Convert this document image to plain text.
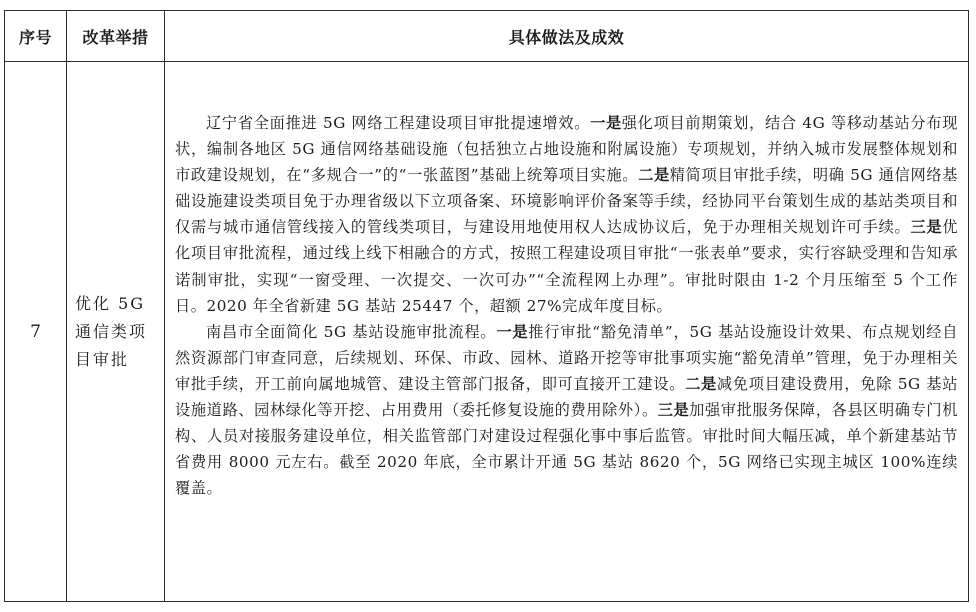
序号	改革举措	具体做法及成效
7	优化 5G 通信类项目审批	辽宁省全面推进 5G 网络工程建设项目审批提速增效。一是强化项目前期策划，结合 4G 等移动基站分布现状，编制各地区 5G 通信网络基础设施（包括独立占地设施和附属设施）专项规划，并纳入城市发展整体规划和市政建设规划，在“多规合一”的“一张蓝图”基础上统筹项目实施。二是精简项目审批手续，明确 5G 通信网络基础设施建设类项目免于办理省级以下立项备案、环境影响评价备案等手续，经协同平台策划生成的基站类项目和仅需与城市通信管线接入的管线类项目，与建设用地使用权人达成协议后，免于办理相关规划许可手续。三是优化项目审批流程，通过线上线下相融合的方式，按照工程建设项目审批“一张表单”要求，实行容缺受理和告知承诺制审批，实现“一窗受理、一次提交、一次可办”“全流程网上办理”。审批时限由 1-2 个月压缩至 5 个工作日。2020 年全省新建 5G 基站 25447 个，超额 27%完成年度目标。

南昌市全面简化 5G 基站设施审批流程。一是推行审批“豁免清单”，5G 基站设施设计效果、布点规划经自然资源部门审查同意，后续规划、环保、市政、园林、道路开挖等审批事项实施“豁免清单”管理，免于办理相关审批手续，开工前向属地城管、建设主管部门报备，即可直接开工建设。二是减免项目建设费用，免除 5G 基站设施道路、园林绿化等开挖、占用费用（委托修复设施的费用除外）。三是加强审批服务保障，各县区明确专门机构、人员对接服务建设单位，相关监管部门对建设过程强化事中事后监管。审批时间大幅压减，单个新建基站节省费用 8000 元左右。截至 2020 年底，全市累计开通 5G 基站 8620 个，5G 网络已实现主城区 100%连续覆盖。
